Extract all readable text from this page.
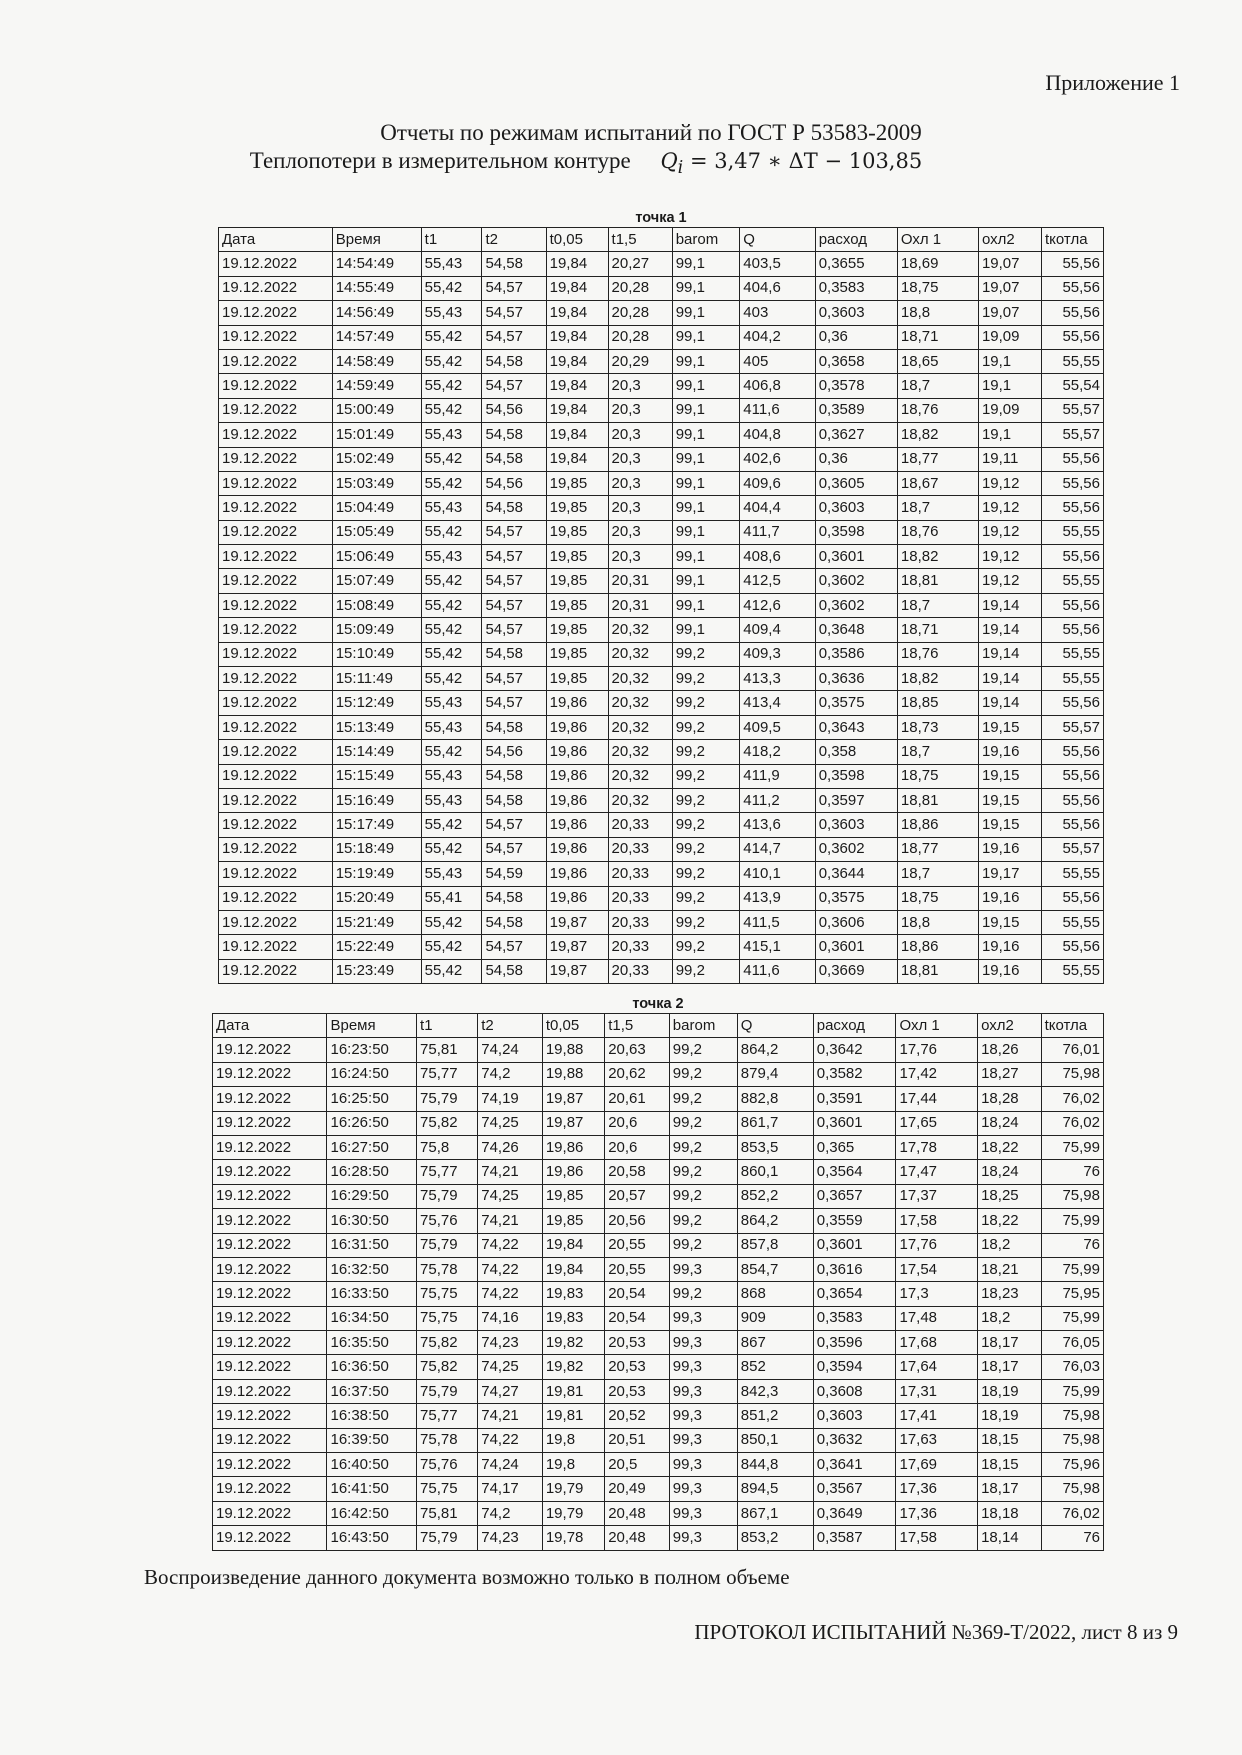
Приложение 1
Отчеты по режимам испытаний по ГОСТ Р 53583-2009
Теплопотери в измерительном контуре $Q_i = 3,47$ ∗ ΔT − 103,85
точка 1
Дата	Время	t1	t2	t0,05	t1,5	barom	Q	расход	Охл 1	охл2	tкотла
19.12.2022	14:54:49	55,43	54,58	19,84	20,27	99,1	403,5	0,3655	18,69	19,07	55,56
19.12.2022	14:55:49	55,42	54,57	19,84	20,28	99,1	404,6	0,3583	18,75	19,07	55,56
19.12.2022	14:56:49	55,43	54,57	19,84	20,28	99,1	403	0,3603	18,8	19,07	55,56
19.12.2022	14:57:49	55,42	54,57	19,84	20,28	99,1	404,2	0,36	18,71	19,09	55,56
19.12.2022	14:58:49	55,42	54,58	19,84	20,29	99,1	405	0,3658	18,65	19,1	55,55
19.12.2022	14:59:49	55,42	54,57	19,84	20,3	99,1	406,8	0,3578	18,7	19,1	55,54
19.12.2022	15:00:49	55,42	54,56	19,84	20,3	99,1	411,6	0,3589	18,76	19,09	55,57
19.12.2022	15:01:49	55,43	54,58	19,84	20,3	99,1	404,8	0,3627	18,82	19,1	55,57
19.12.2022	15:02:49	55,42	54,58	19,84	20,3	99,1	402,6	0,36	18,77	19,11	55,56
19.12.2022	15:03:49	55,42	54,56	19,85	20,3	99,1	409,6	0,3605	18,67	19,12	55,56
19.12.2022	15:04:49	55,43	54,58	19,85	20,3	99,1	404,4	0,3603	18,7	19,12	55,56
19.12.2022	15:05:49	55,42	54,57	19,85	20,3	99,1	411,7	0,3598	18,76	19,12	55,55
19.12.2022	15:06:49	55,43	54,57	19,85	20,3	99,1	408,6	0,3601	18,82	19,12	55,56
19.12.2022	15:07:49	55,42	54,57	19,85	20,31	99,1	412,5	0,3602	18,81	19,12	55,55
19.12.2022	15:08:49	55,42	54,57	19,85	20,31	99,1	412,6	0,3602	18,7	19,14	55,56
19.12.2022	15:09:49	55,42	54,57	19,85	20,32	99,1	409,4	0,3648	18,71	19,14	55,56
19.12.2022	15:10:49	55,42	54,58	19,85	20,32	99,2	409,3	0,3586	18,76	19,14	55,55
19.12.2022	15:11:49	55,42	54,57	19,85	20,32	99,2	413,3	0,3636	18,82	19,14	55,55
19.12.2022	15:12:49	55,43	54,57	19,86	20,32	99,2	413,4	0,3575	18,85	19,14	55,56
19.12.2022	15:13:49	55,43	54,58	19,86	20,32	99,2	409,5	0,3643	18,73	19,15	55,57
19.12.2022	15:14:49	55,42	54,56	19,86	20,32	99,2	418,2	0,358	18,7	19,16	55,56
19.12.2022	15:15:49	55,43	54,58	19,86	20,32	99,2	411,9	0,3598	18,75	19,15	55,56
19.12.2022	15:16:49	55,43	54,58	19,86	20,32	99,2	411,2	0,3597	18,81	19,15	55,56
19.12.2022	15:17:49	55,42	54,57	19,86	20,33	99,2	413,6	0,3603	18,86	19,15	55,56
19.12.2022	15:18:49	55,42	54,57	19,86	20,33	99,2	414,7	0,3602	18,77	19,16	55,57
19.12.2022	15:19:49	55,43	54,59	19,86	20,33	99,2	410,1	0,3644	18,7	19,17	55,55
19.12.2022	15:20:49	55,41	54,58	19,86	20,33	99,2	413,9	0,3575	18,75	19,16	55,56
19.12.2022	15:21:49	55,42	54,58	19,87	20,33	99,2	411,5	0,3606	18,8	19,15	55,55
19.12.2022	15:22:49	55,42	54,57	19,87	20,33	99,2	415,1	0,3601	18,86	19,16	55,56
19.12.2022	15:23:49	55,42	54,58	19,87	20,33	99,2	411,6	0,3669	18,81	19,16	55,55
точка 2
Дата	Время	t1	t2	t0,05	t1,5	barom	Q	расход	Охл 1	охл2	tкотла
19.12.2022	16:23:50	75,81	74,24	19,88	20,63	99,2	864,2	0,3642	17,76	18,26	76,01
19.12.2022	16:24:50	75,77	74,2	19,88	20,62	99,2	879,4	0,3582	17,42	18,27	75,98
19.12.2022	16:25:50	75,79	74,19	19,87	20,61	99,2	882,8	0,3591	17,44	18,28	76,02
19.12.2022	16:26:50	75,82	74,25	19,87	20,6	99,2	861,7	0,3601	17,65	18,24	76,02
19.12.2022	16:27:50	75,8	74,26	19,86	20,6	99,2	853,5	0,365	17,78	18,22	75,99
19.12.2022	16:28:50	75,77	74,21	19,86	20,58	99,2	860,1	0,3564	17,47	18,24	76
19.12.2022	16:29:50	75,79	74,25	19,85	20,57	99,2	852,2	0,3657	17,37	18,25	75,98
19.12.2022	16:30:50	75,76	74,21	19,85	20,56	99,2	864,2	0,3559	17,58	18,22	75,99
19.12.2022	16:31:50	75,79	74,22	19,84	20,55	99,2	857,8	0,3601	17,76	18,2	76
19.12.2022	16:32:50	75,78	74,22	19,84	20,55	99,3	854,7	0,3616	17,54	18,21	75,99
19.12.2022	16:33:50	75,75	74,22	19,83	20,54	99,2	868	0,3654	17,3	18,23	75,95
19.12.2022	16:34:50	75,75	74,16	19,83	20,54	99,3	909	0,3583	17,48	18,2	75,99
19.12.2022	16:35:50	75,82	74,23	19,82	20,53	99,3	867	0,3596	17,68	18,17	76,05
19.12.2022	16:36:50	75,82	74,25	19,82	20,53	99,3	852	0,3594	17,64	18,17	76,03
19.12.2022	16:37:50	75,79	74,27	19,81	20,53	99,3	842,3	0,3608	17,31	18,19	75,99
19.12.2022	16:38:50	75,77	74,21	19,81	20,52	99,3	851,2	0,3603	17,41	18,19	75,98
19.12.2022	16:39:50	75,78	74,22	19,8	20,51	99,3	850,1	0,3632	17,63	18,15	75,98
19.12.2022	16:40:50	75,76	74,24	19,8	20,5	99,3	844,8	0,3641	17,69	18,15	75,96
19.12.2022	16:41:50	75,75	74,17	19,79	20,49	99,3	894,5	0,3567	17,36	18,17	75,98
19.12.2022	16:42:50	75,81	74,2	19,79	20,48	99,3	867,1	0,3649	17,36	18,18	76,02
19.12.2022	16:43:50	75,79	74,23	19,78	20,48	99,3	853,2	0,3587	17,58	18,14	76
Воспроизведение данного документа возможно только в полном объеме
ПРОТОКОЛ ИСПЫТАНИЙ №369-Т/2022, лист 8 из 9
